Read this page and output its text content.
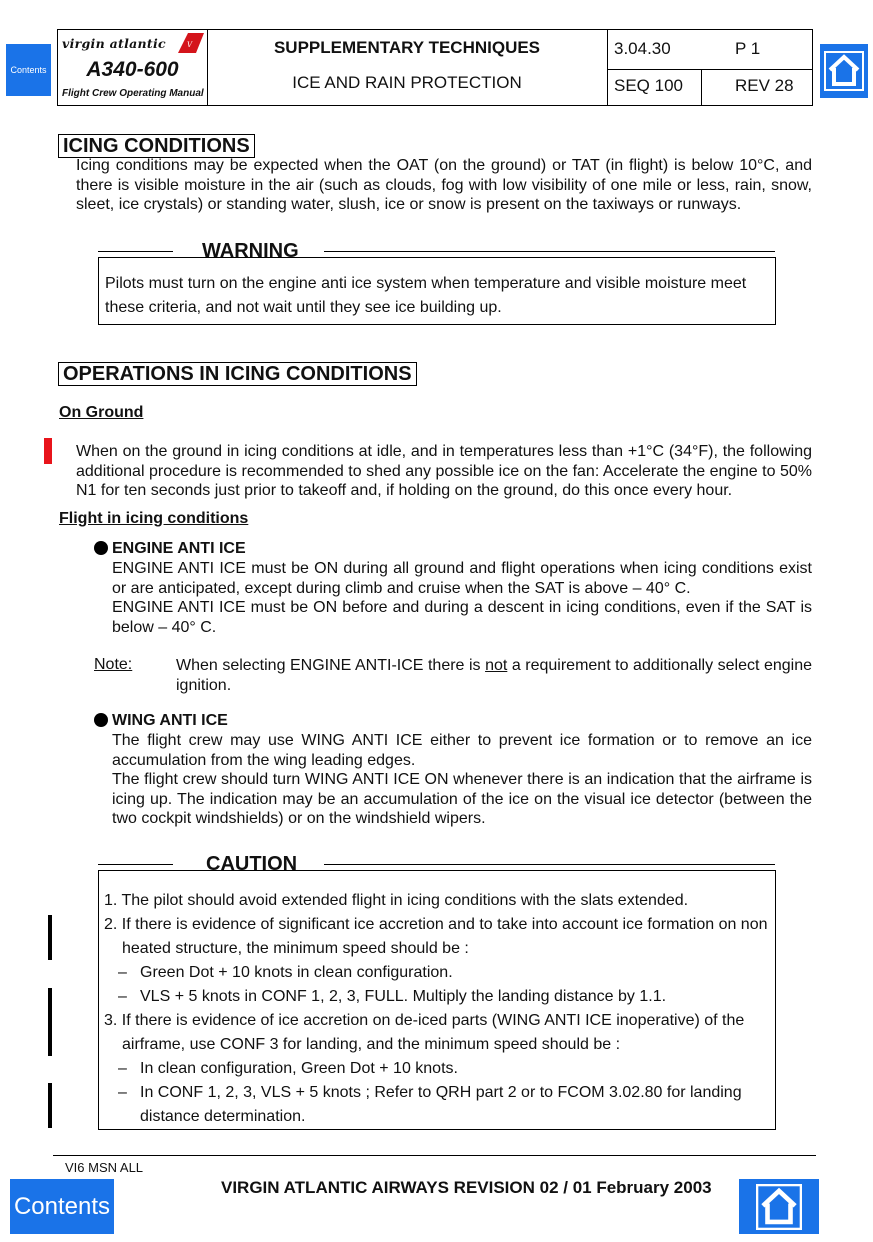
Contents
virgin atlantic	V
A340-600
Flight Crew Operating Manual
SUPPLEMENTARY TECHNIQUES
ICE AND RAIN PROTECTION
3.04.30	P 1
SEQ 100	REV 28
ICING CONDITIONS
Icing conditions may be expected when the OAT (on the ground) or TAT (in flight) is below 10°C, and there is visible moisture in the air (such as clouds, fog with low visibility of one mile or less, rain, snow, sleet, ice crystals) or standing water, slush, ice or snow is present on the taxiways or runways.
WARNING
Pilots must turn on the engine anti ice system when temperature and visible moisture meet these criteria, and not wait until they see ice building up.
OPERATIONS IN ICING CONDITIONS
On Ground
When on the ground in icing conditions at idle, and in temperatures less than +1°C (34°F), the following additional procedure is recommended to shed any possible ice on the fan: Accelerate the engine to 50% N1 for ten seconds just prior to takeoff and, if holding on the ground, do this once every hour.
Flight in icing conditions
ENGINE ANTI ICE
ENGINE ANTI ICE must be ON during all ground and flight operations when icing conditions exist or are anticipated, except during climb and cruise when the SAT is above – 40° C.
ENGINE ANTI ICE must be ON before and during a descent in icing conditions, even if the SAT is below – 40° C.
Note:	When selecting ENGINE ANTI-ICE there is not a requirement to additionally select engine ignition.
WING ANTI ICE
The flight crew may use WING ANTI ICE either to prevent ice formation or to remove an ice accumulation from the wing leading edges.
The flight crew should turn WING ANTI ICE ON whenever there is an indication that the airframe is icing up. The indication may be an accumulation of the ice on the visual ice detector (between the two cockpit windshields) or on the windshield wipers.
CAUTION
1. The pilot should avoid extended flight in icing conditions with the slats extended.
2. If there is evidence of significant ice accretion and to take into account ice formation on non heated structure, the minimum speed should be :
– Green Dot + 10 knots in clean configuration.
– VLS + 5 knots in CONF 1, 2, 3, FULL. Multiply the landing distance by 1.1.
3. If there is evidence of ice accretion on de-iced parts (WING ANTI ICE inoperative) of the airframe, use CONF 3 for landing, and the minimum speed should be :
– In clean configuration, Green Dot + 10 knots.
– In CONF 1, 2, 3, VLS + 5 knots ; Refer to QRH part 2 or to FCOM 3.02.80 for landing distance determination.
VI6 MSN ALL
Contents
VIRGIN ATLANTIC AIRWAYS REVISION 02 / 01 February 2003
